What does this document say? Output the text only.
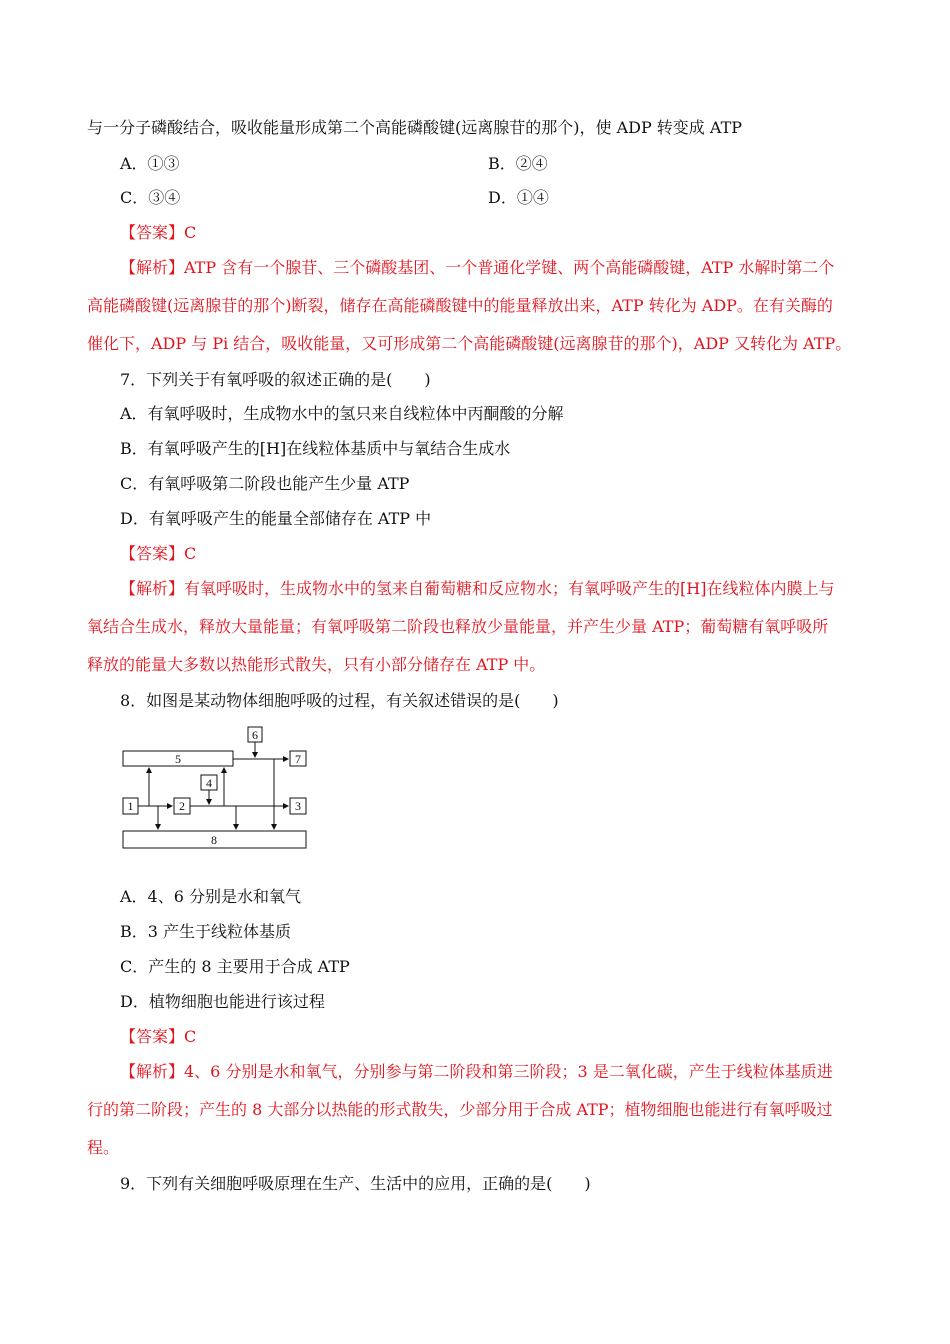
与一分子磷酸结合，吸收能量形成第二个高能磷酸键(远离腺苷的那个)，使 ADP 转变成 ATP
A．①③	B．②④
C．③④	D．①④
【答案】C
【解析】ATP 含有一个腺苷、三个磷酸基团、一个普通化学键、两个高能磷酸键，ATP 水解时第二个
高能磷酸键(远离腺苷的那个)断裂，储存在高能磷酸键中的能量释放出来，ATP 转化为 ADP。在有关酶的
催化下，ADP 与 Pi 结合，吸收能量，又可形成第二个高能磷酸键(远离腺苷的那个)，ADP 又转化为 ATP。
7．下列关于有氧呼吸的叙述正确的是(　　)
A．有氧呼吸时，生成物水中的氢只来自线粒体中丙酮酸的分解
B．有氧呼吸产生的[H]在线粒体基质中与氧结合生成水
C．有氧呼吸第二阶段也能产生少量 ATP
D．有氧呼吸产生的能量全部储存在 ATP 中
【答案】C
【解析】有氧呼吸时，生成物水中的氢来自葡萄糖和反应物水；有氧呼吸产生的[H]在线粒体内膜上与
氧结合生成水，释放大量能量；有氧呼吸第二阶段也释放少量能量，并产生少量 ATP；葡萄糖有氧呼吸所
释放的能量大多数以热能形式散失，只有小部分储存在 ATP 中。
8．如图是某动物体细胞呼吸的过程，有关叙述错误的是(　　)
5
6
7
4
1	2	3
8
A．4、6 分别是水和氧气
B．3 产生于线粒体基质
C．产生的 8 主要用于合成 ATP
D．植物细胞也能进行该过程
【答案】C
【解析】4、6 分别是水和氧气，分别参与第二阶段和第三阶段；3 是二氧化碳，产生于线粒体基质进
行的第二阶段；产生的 8 大部分以热能的形式散失，少部分用于合成 ATP；植物细胞也能进行有氧呼吸过
程。
9．下列有关细胞呼吸原理在生产、生活中的应用，正确的是(　　)
